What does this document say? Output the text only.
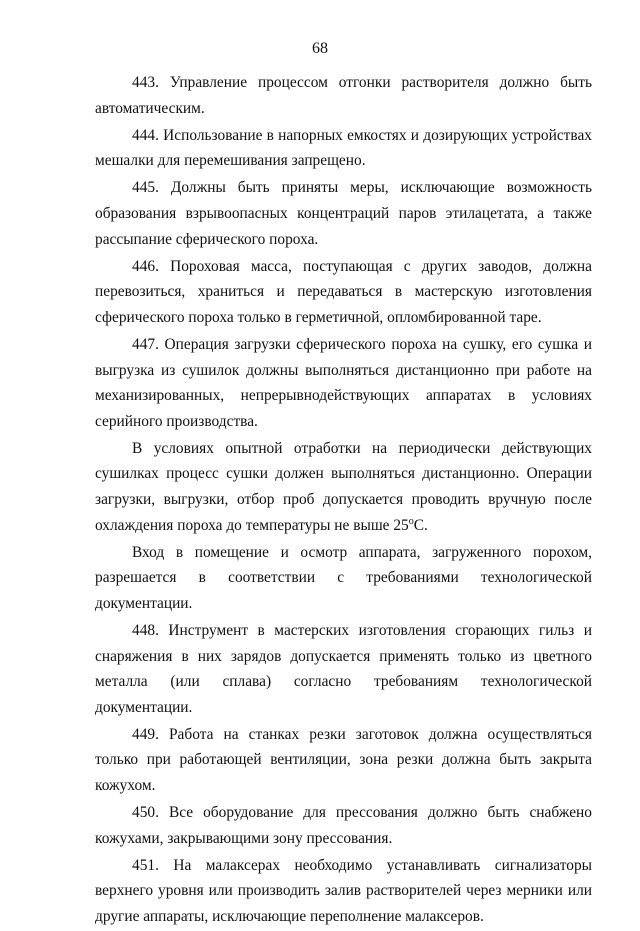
68

443. Управление процессом отгонки растворителя должно быть автоматическим.

444. Использование в напорных емкостях и дозирующих устройствах мешалки для перемешивания запрещено.

445. Должны быть приняты меры, исключающие возможность образования взрывоопасных концентраций паров этилацетата, а также рассыпание сферического пороха.

446. Пороховая масса, поступающая с других заводов, должна перевозиться, храниться и передаваться в мастерскую изготовления сферического пороха только в герметичной, опломбированной таре.

447. Операция загрузки сферического пороха на сушку, его сушка и выгрузка из сушилок должны выполняться дистанционно при работе на механизированных, непрерывнодействующих аппаратах в условиях серийного производства.

В условиях опытной отработки на периодически действующих сушилках процесс сушки должен выполняться дистанционно. Операции загрузки, выгрузки, отбор проб допускается проводить вручную после охлаждения пороха до температуры не выше $25^оС$.

Вход в помещение и осмотр аппарата, загруженного порохом, разрешается в соответствии с требованиями технологической документации.

448. Инструмент в мастерских изготовления сгорающих гильз и снаряжения в них зарядов допускается применять только из цветного металла (или сплава) согласно требованиям технологической документации.

449. Работа на станках резки заготовок должна осуществляться только при работающей вентиляции, зона резки должна быть закрыта кожухом.

450. Все оборудование для прессования должно быть снабжено кожухами, закрывающими зону прессования.

451. На малаксерах необходимо устанавливать сигнализаторы верхнего уровня или производить залив растворителей через мерники или другие аппараты, исключающие переполнение малаксеров.
